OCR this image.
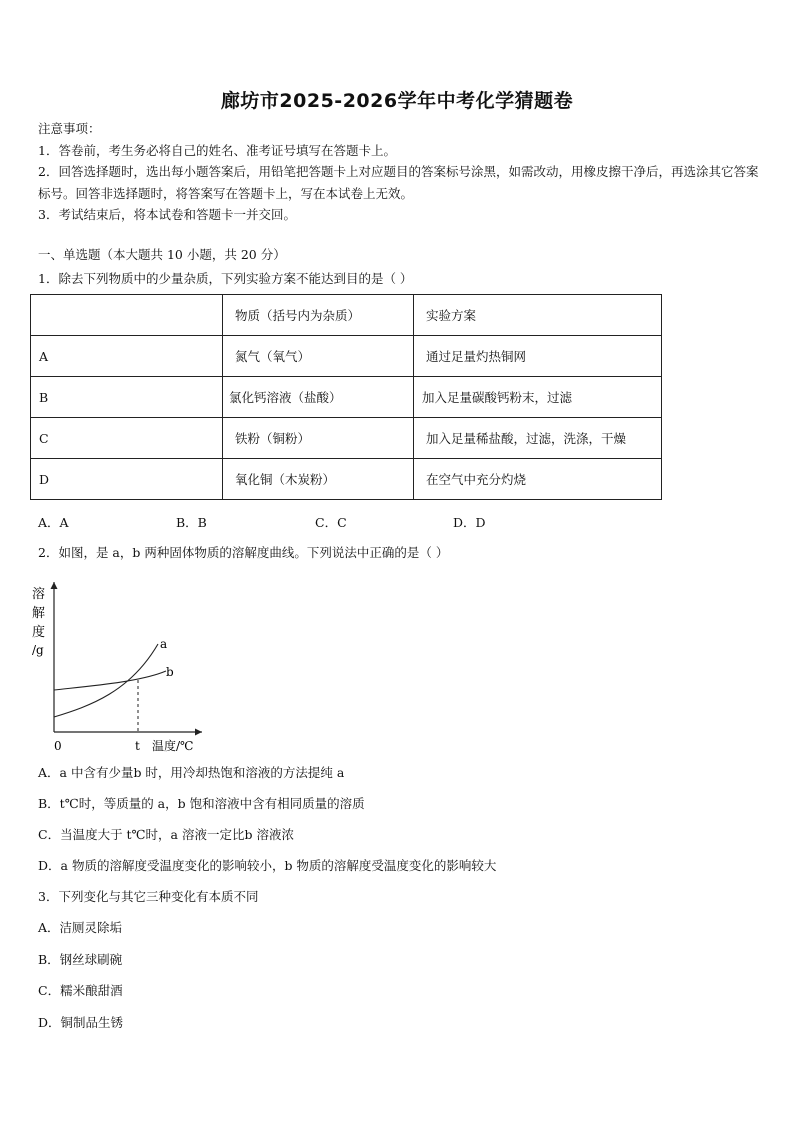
廊坊市2025-2026学年中考化学猜题卷

注意事项：

1．答卷前，考生务必将自己的姓名、准考证号填写在答题卡上。

2．回答选择题时，选出每小题答案后，用铅笔把答题卡上对应题目的答案标号涂黑，如需改动，用橡皮擦干净后，再选涂其它答案标号。回答非选择题时，将答案写在答题卡上，写在本试卷上无效。

3．考试结束后，将本试卷和答题卡一并交回。

一、单选题（本大题共 10 小题，共 20 分）
1．除去下列物质中的少量杂质，下列实验方案不能达到目的是（ ）
	物质（括号内为杂质）	实验方案
A	氮气（氧气）	通过足量灼热铜网
B	氯化钙溶液（盐酸）	加入足量碳酸钙粉末，过滤
C	铁粉（铜粉）	加入足量稀盐酸，过滤，洗涤，干燥
D	氧化铜（木炭粉）	在空气中充分灼烧
A．A	B．B	C．C	D．D
2．如图，是 a，b 两种固体物质的溶解度曲线。下列说法中正确的是（ ）
溶
解
度
/g	a
b
0	t 温度/℃
A．a 中含有少量b 时，用冷却热饱和溶液的方法提纯 a
B．t℃时，等质量的 a，b 饱和溶液中含有相同质量的溶质
C．当温度大于 t℃时，a 溶液一定比b 溶液浓
D．a 物质的溶解度受温度变化的影响较小，b 物质的溶解度受温度变化的影响较大
3．下列变化与其它三种变化有本质不同
A．洁厕灵除垢
B．钢丝球刷碗
C．糯米酿甜酒
D．铜制品生锈
